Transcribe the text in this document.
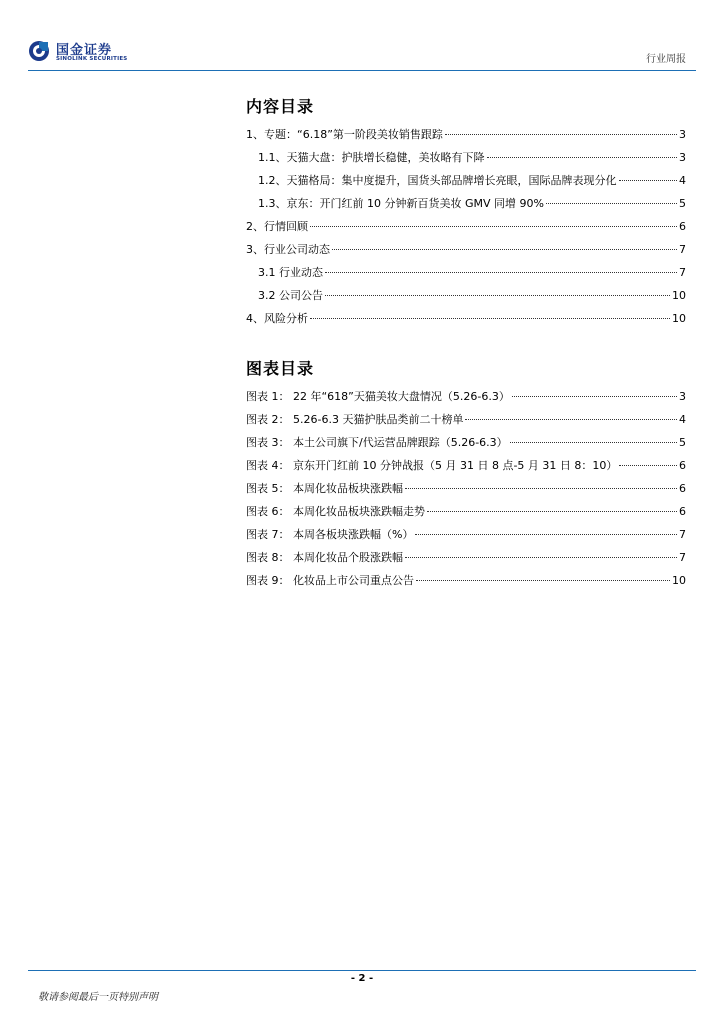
国金证券
SINOLINK SECURITIES	行业周报
内容目录
1、专题：“6.18”第一阶段美妆销售跟踪	3
1.1、天猫大盘：护肤增长稳健，美妆略有下降	3
1.2、天猫格局：集中度提升，国货头部品牌增长亮眼，国际品牌表现分化	4
1.3、京东：开门红前 10 分钟新百货美妆 GMV 同增 90%	5
2、行情回顾	6
3、行业公司动态	7
3.1 行业动态	7
3.2 公司公告	10
4、风险分析	10
图表目录
图表 1： 22 年“618”天猫美妆大盘情况（5.26-6.3）	3
图表 2： 5.26-6.3 天猫护肤品类前二十榜单	4
图表 3： 本土公司旗下/代运营品牌跟踪（5.26-6.3）	5
图表 4： 京东开门红前 10 分钟战报（5 月 31 日 8 点-5 月 31 日 8：10）	6
图表 5： 本周化妆品板块涨跌幅	6
图表 6： 本周化妆品板块涨跌幅走势	6
图表 7： 本周各板块涨跌幅（%）	7
图表 8： 本周化妆品个股涨跌幅	7
图表 9： 化妆品上市公司重点公告	10
- 2 -
敬请参阅最后一页特别声明
